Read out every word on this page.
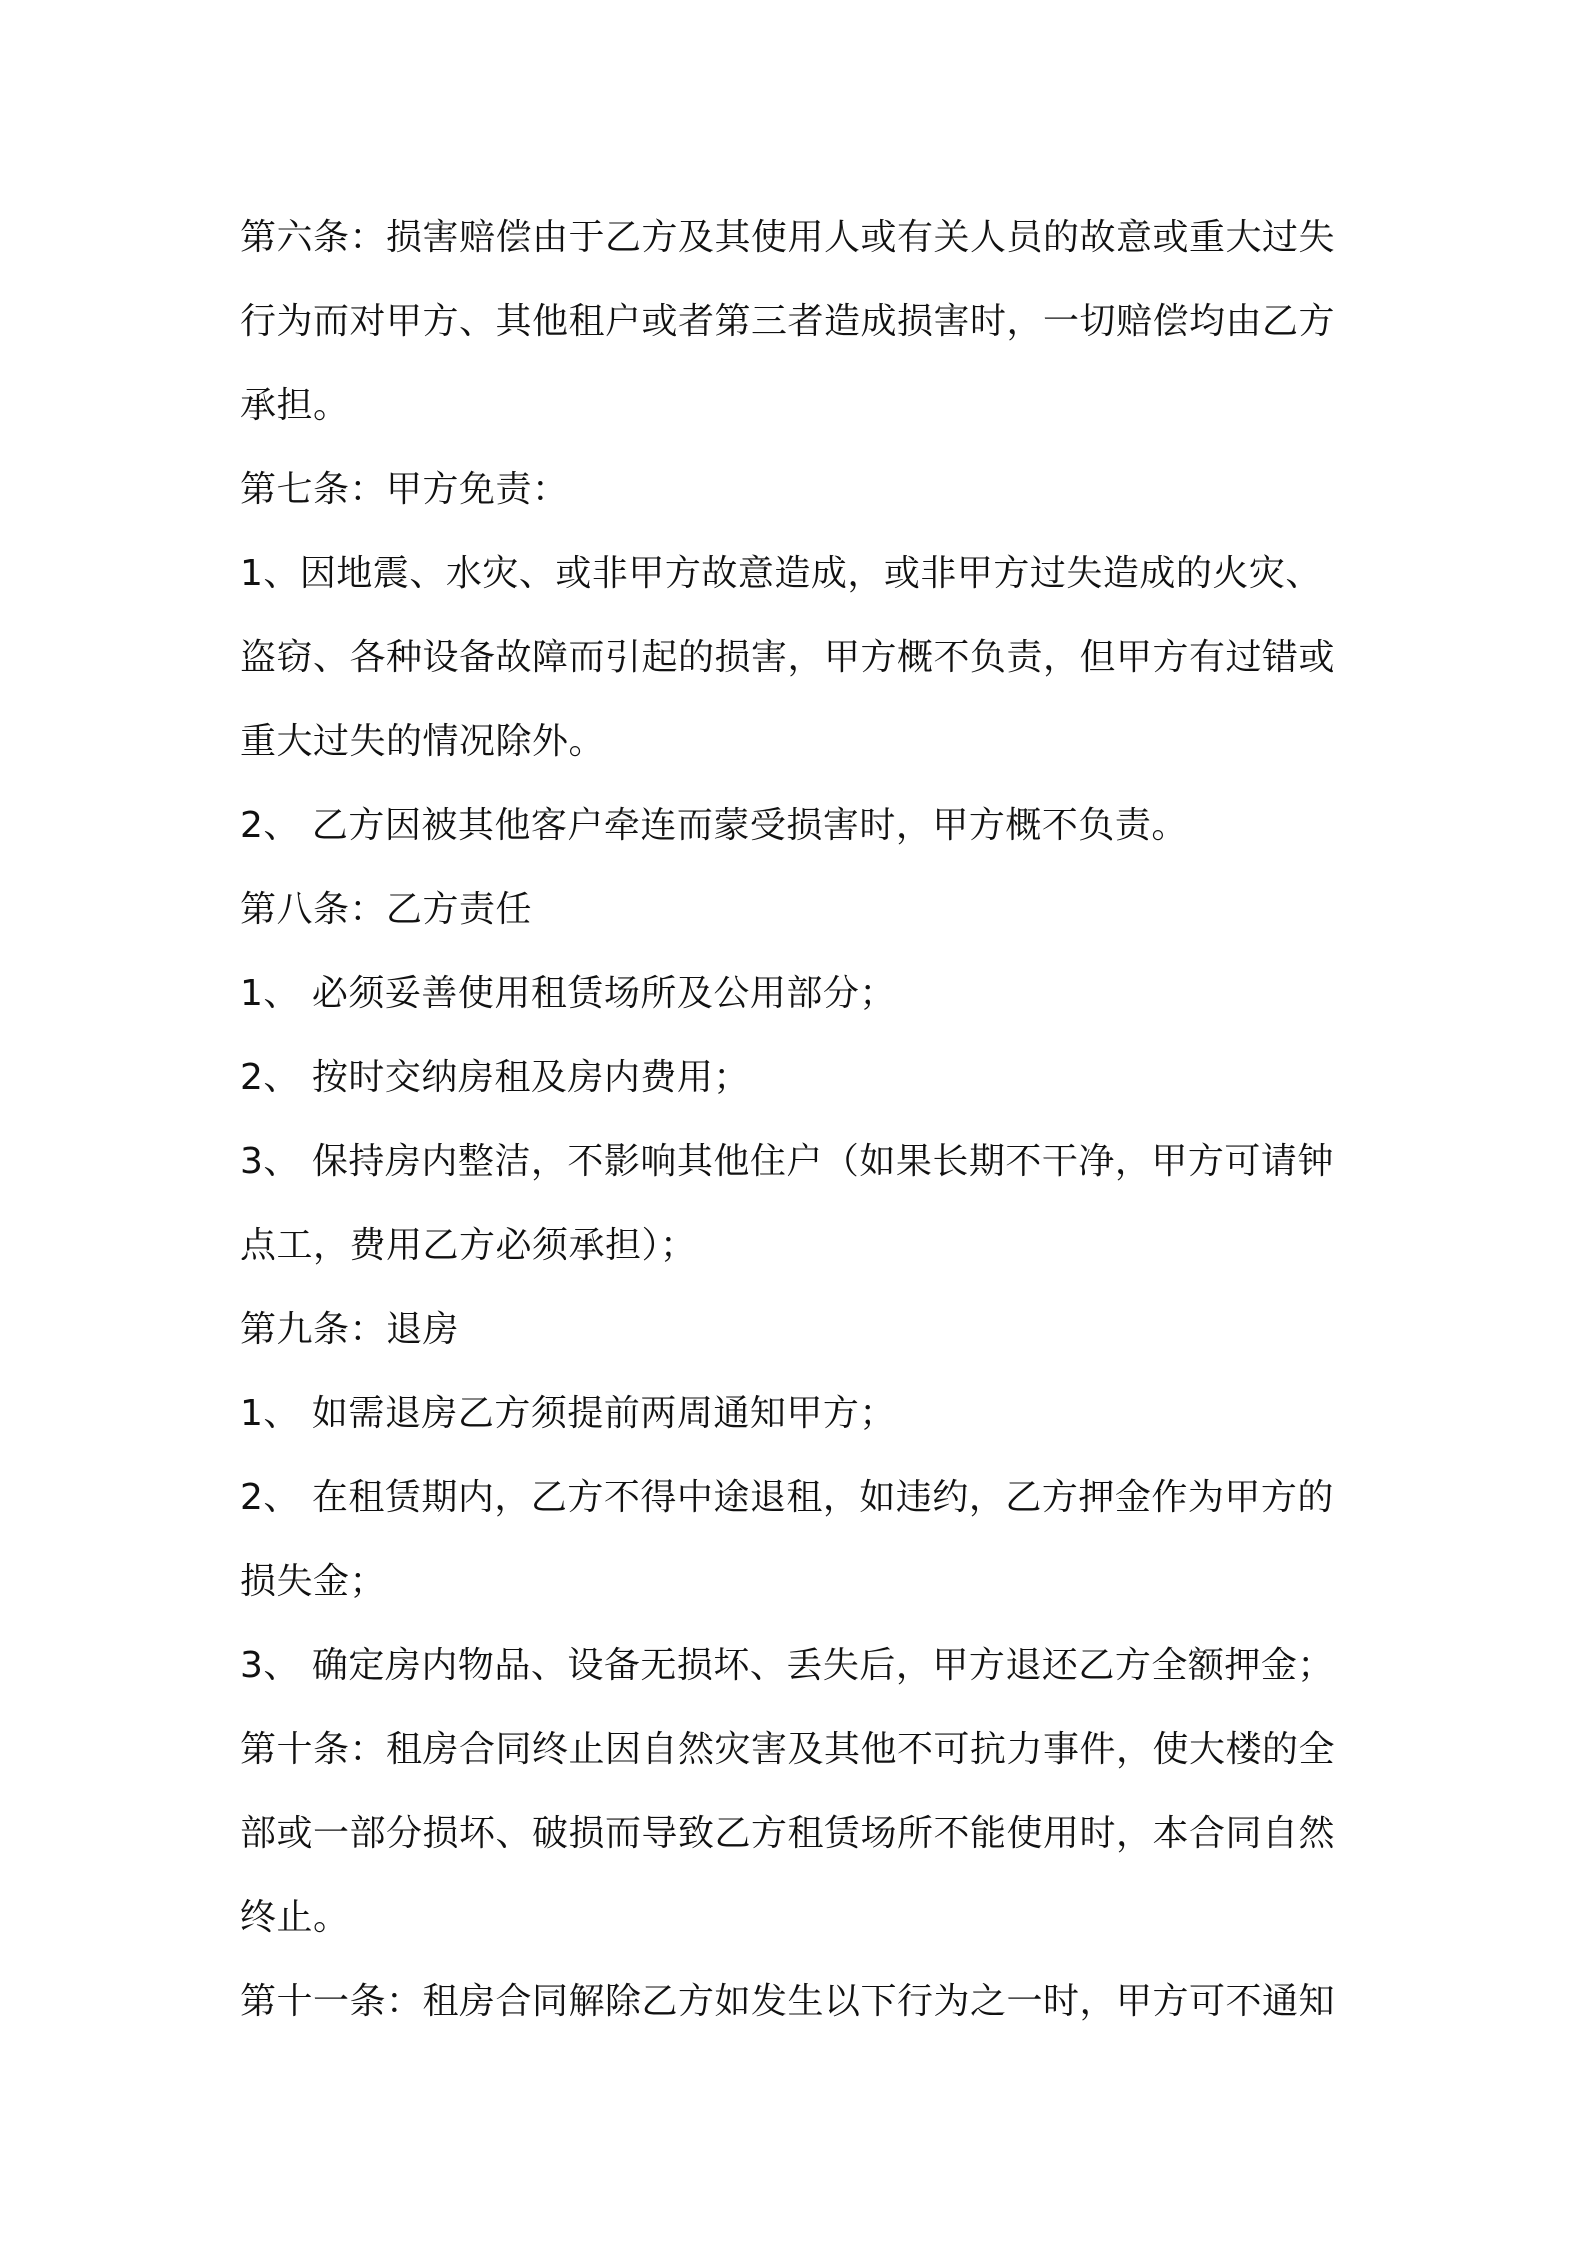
第六条：损害赔偿由于乙方及其使用人或有关人员的故意或重大过失
行为而对甲方、其他租户或者第三者造成损害时，一切赔偿均由乙方
承担。
第七条：甲方免责：
1、因地震、水灾、或非甲方故意造成，或非甲方过失造成的火灾、
盗窃、各种设备故障而引起的损害，甲方概不负责，但甲方有过错或
重大过失的情况除外。
2、 乙方因被其他客户牵连而蒙受损害时，甲方概不负责。
第八条：乙方责任
1、 必须妥善使用租赁场所及公用部分；
2、 按时交纳房租及房内费用；
3、 保持房内整洁，不影响其他住户（如果长期不干净，甲方可请钟
点工，费用乙方必须承担）；
第九条：退房
1、 如需退房乙方须提前两周通知甲方；
2、 在租赁期内，乙方不得中途退租，如违约，乙方押金作为甲方的
损失金；
3、 确定房内物品、设备无损坏、丢失后，甲方退还乙方全额押金；
第十条：租房合同终止因自然灾害及其他不可抗力事件，使大楼的全
部或一部分损坏、破损而导致乙方租赁场所不能使用时，本合同自然
终止。
第十一条：租房合同解除乙方如发生以下行为之一时，甲方可不通知
